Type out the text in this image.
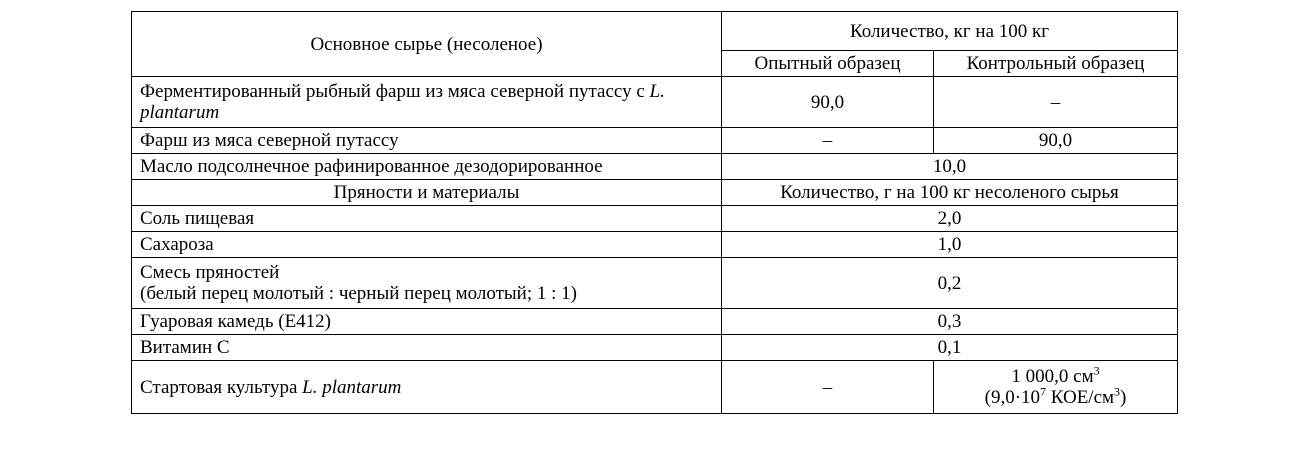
Основное сырье (несоленое)	Количество, кг на 100 кг	
	Опытный образец	Контрольный образец
Ферментированный рыбный фарш из мяса северной путассу с L. plantarum	90,0	–
Фарш из мяса северной путассу	–	90,0
Масло подсолнечное рафинированное дезодорированное	10,0	
Пряности и материалы	Количество, г на 100 кг несоленого сырья	
Соль пищевая	2,0	
Сахароза	1,0	

Смесь пряностей
(белый перец молотый : черный перец молотый; 1 : 1)	0,2	
Гуаровая камедь (Е412)	0,3	
Витамин С	0,1	
Стартовая культура L. plantarum	–	1 000,0 $см^3$
($9,0\cdot 10^7$ КОЕ/$см^3$)
